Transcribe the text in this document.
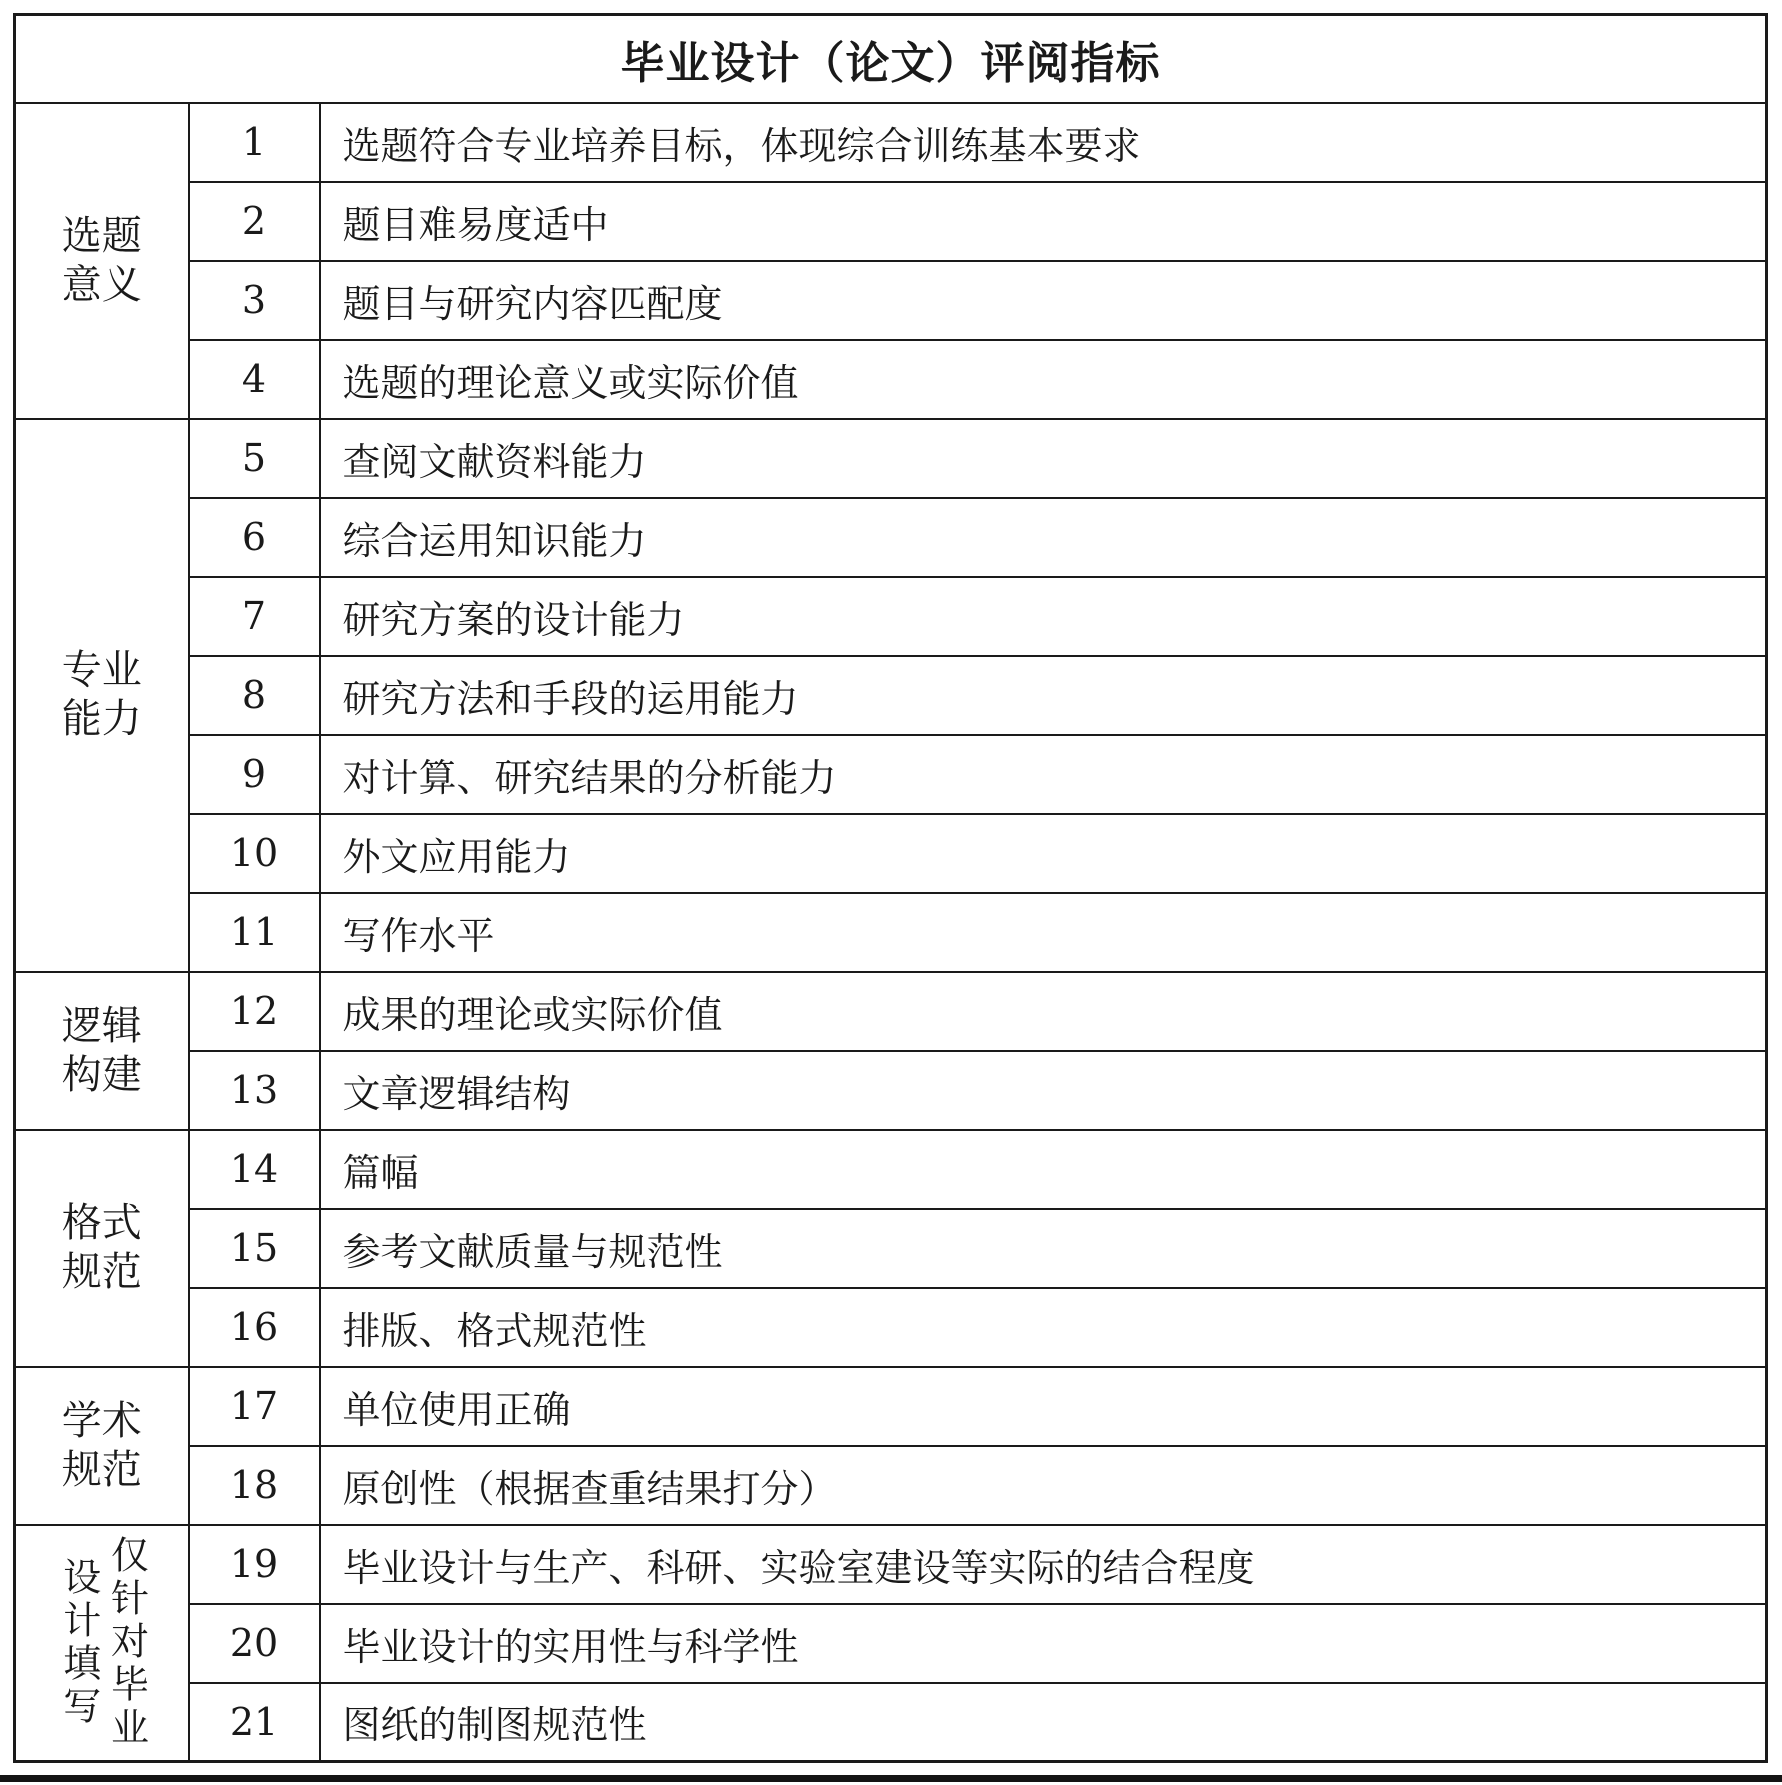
毕业设计（论文）评阅指标		

选题
意义	1	选题符合专业培养目标，体现综合训练基本要求
	2	题目难易度适中
	3	题目与研究内容匹配度
	4	选题的理论意义或实际价值

专业
能力	5	查阅文献资料能力
	6	综合运用知识能力
	7	研究方案的设计能力
	8	研究方法和手段的运用能力
	9	对计算、研究结果的分析能力
	10	外文应用能力
	11	写作水平

逻辑
构建	12	成果的理论或实际价值
	13	文章逻辑结构

格式
规范	14	篇幅
	15	参考文献质量与规范性
	16	排版、格式规范性

学术
规范	17	单位使用正确
	18	原创性（根据查重结果打分）

仅针对毕业
设计填写	19	毕业设计与生产、科研、实验室建设等实际的结合程度
	20	毕业设计的实用性与科学性
	21	图纸的制图规范性
